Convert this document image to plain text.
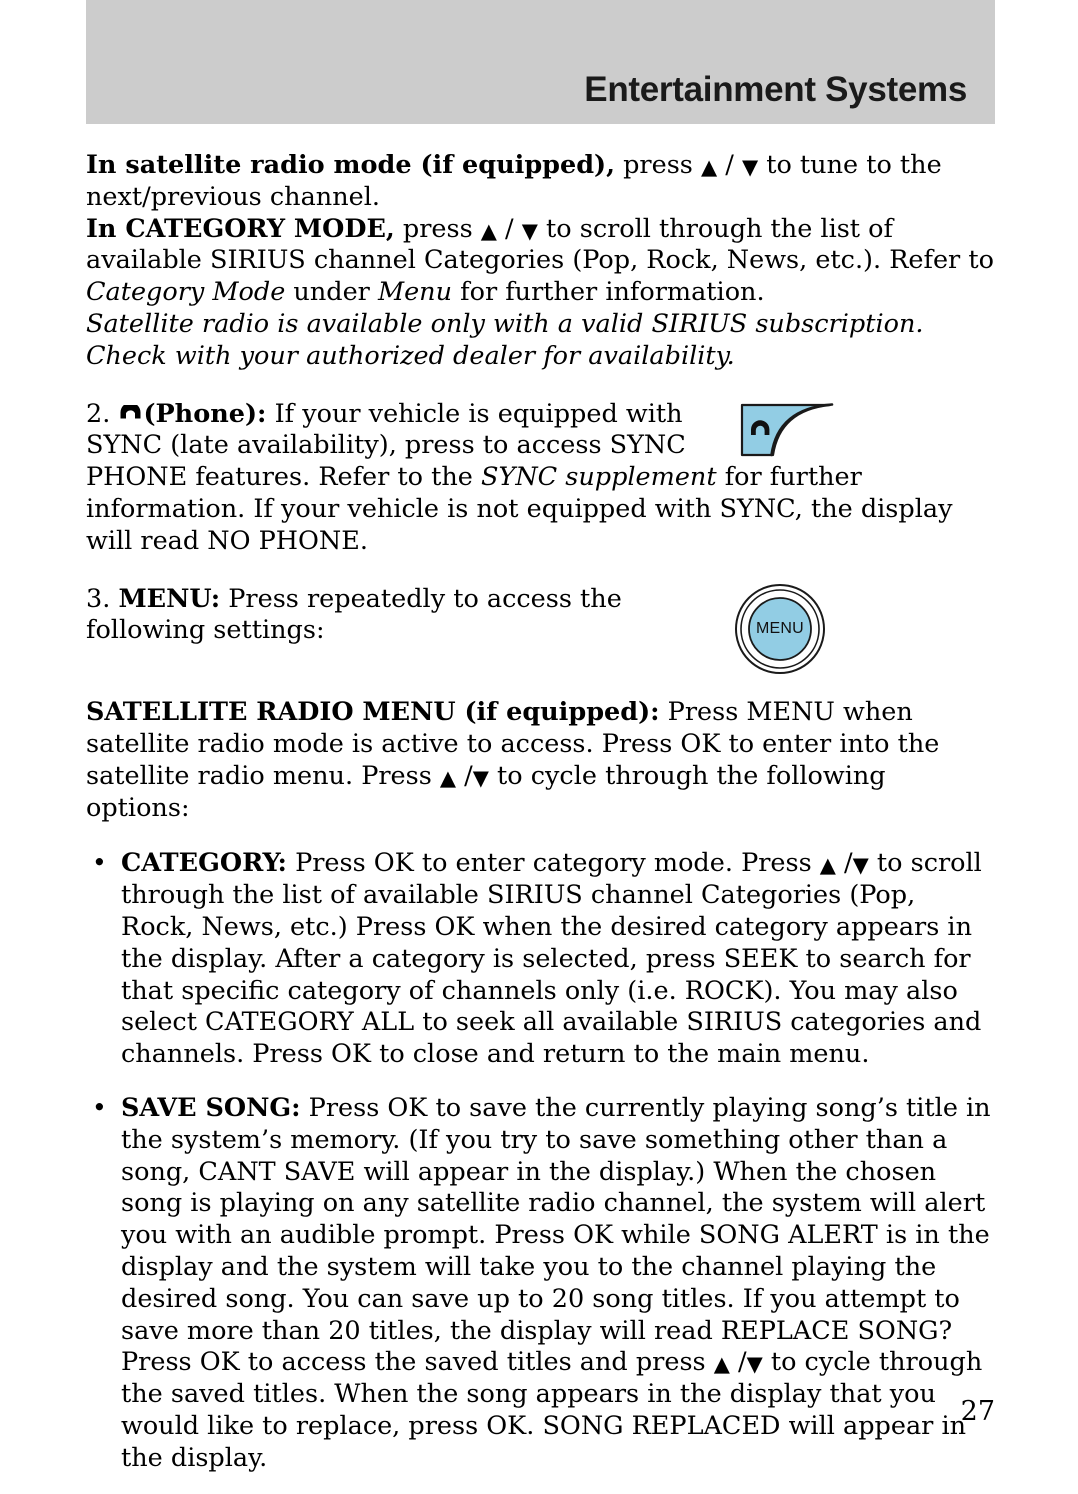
Entertainment Systems

In satellite radio mode (if equipped), press ▲ / ▼ to tune to the next/previous channel.
In CATEGORY MODE, press ▲ / ▼ to scroll through the list of available SIRIUS channel Categories (Pop, Rock, News, etc.). Refer to Category Mode under Menu for further information.
Satellite radio is available only with a valid SIRIUS subscription. Check with your authorized dealer for availability.

2.
(Phone): If your vehicle is equipped with SYNC (late availability), press to access SYNC

PHONE features. Refer to the SYNC supplement for further information. If your vehicle is not equipped with SYNC, the display will read NO PHONE.

3. MENU: Press repeatedly to access the following settings:

SATELLITE RADIO MENU (if equipped): Press MENU when satellite radio mode is active to access. Press OK to enter into the satellite radio menu. Press ▲ /▼ to cycle through the following options:

• CATEGORY: Press OK to enter category mode. Press ▲ /▼ to scroll through the list of available SIRIUS channel Categories (Pop, Rock, News, etc.) Press OK when the desired category appears in the display. After a category is selected, press SEEK to search for that specific category of channels only (i.e. ROCK). You may also select CATEGORY ALL to seek all available SIRIUS categories and channels. Press OK to close and return to the main menu.
• SAVE SONG: Press OK to save the currently playing song’s title in the system’s memory. (If you try to save something other than a song, CANT SAVE will appear in the display.) When the chosen song is playing on any satellite radio channel, the system will alert you with an audible prompt. Press OK while SONG ALERT is in the display and the system will take you to the channel playing the desired song. You can save up to 20 song titles. If you attempt to save more than 20 titles, the display will read REPLACE SONG? Press OK to access the saved titles and press ▲ /▼ to cycle through the saved titles. When the song appears in the display that you would like to replace, press OK. SONG REPLACED will appear in the display.
MENU
27
